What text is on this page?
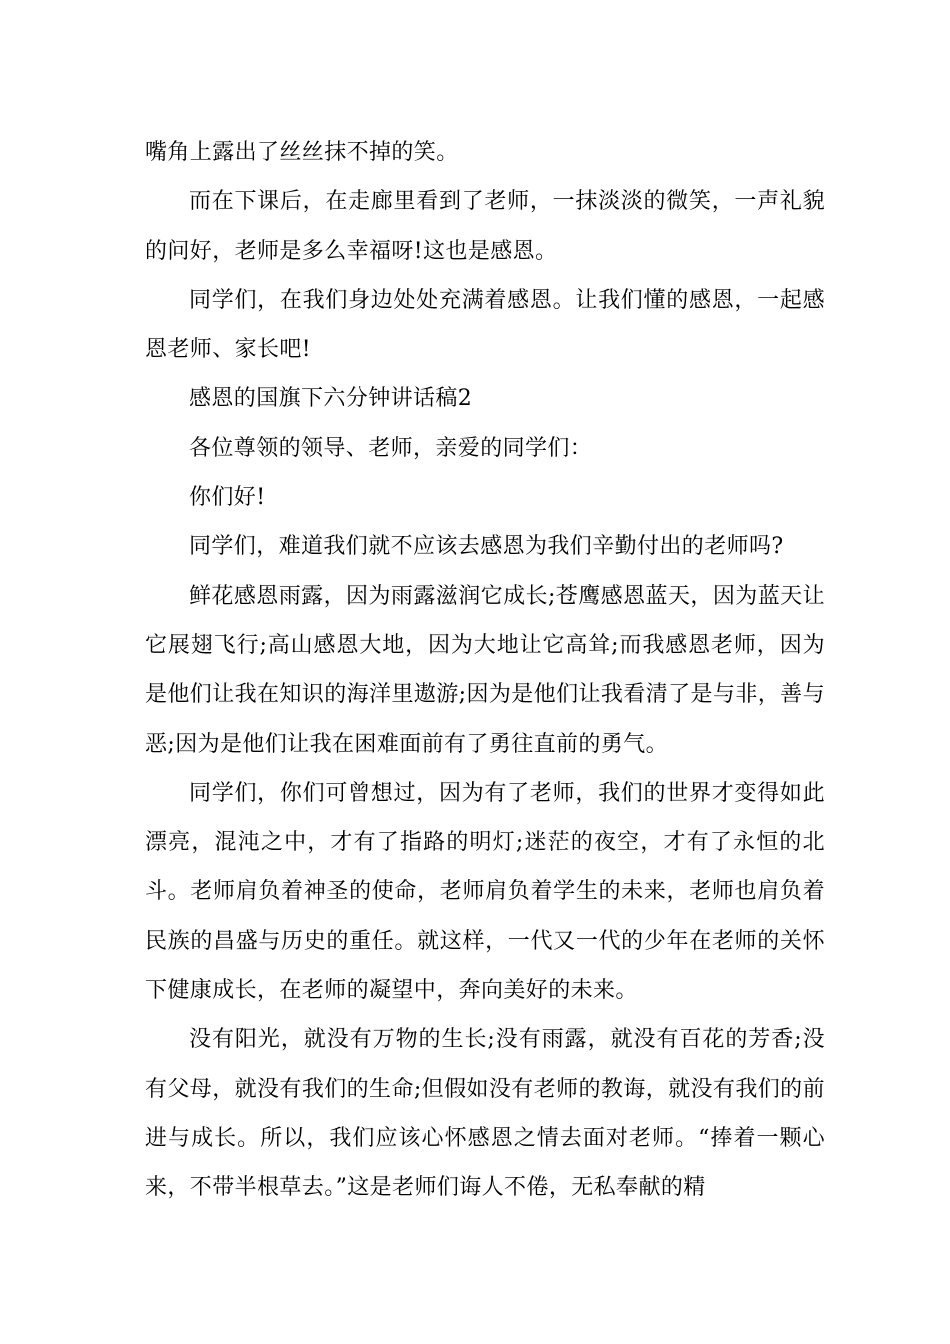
嘴角上露出了丝丝抹不掉的笑。

而在下课后，在走廊里看到了老师，一抹淡淡的微笑，一声礼貌的问好，老师是多么幸福呀!这也是感恩。

同学们，在我们身边处处充满着感恩。让我们懂的感恩，一起感恩老师、家长吧!

感恩的国旗下六分钟讲话稿2

各位尊领的领导、老师，亲爱的同学们：

你们好!

同学们，难道我们就不应该去感恩为我们辛勤付出的老师吗?

鲜花感恩雨露，因为雨露滋润它成长;苍鹰感恩蓝天，因为蓝天让它展翅飞行;高山感恩大地，因为大地让它高耸;而我感恩老师，因为是他们让我在知识的海洋里遨游;因为是他们让我看清了是与非，善与恶;因为是他们让我在困难面前有了勇往直前的勇气。

同学们，你们可曾想过，因为有了老师，我们的世界才变得如此漂亮，混沌之中，才有了指路的明灯;迷茫的夜空，才有了永恒的北斗。老师肩负着神圣的使命，老师肩负着学生的未来，老师也肩负着民族的昌盛与历史的重任。就这样，一代又一代的少年在老师的关怀下健康成长，在老师的凝望中，奔向美好的未来。

没有阳光，就没有万物的生长;没有雨露，就没有百花的芳香;没有父母，就没有我们的生命;但假如没有老师的教诲，就没有我们的前进与成长。所以，我们应该心怀感恩之情去面对老师。“捧着一颗心来，不带半根草去。”这是老师们诲人不倦，无私奉献的精
